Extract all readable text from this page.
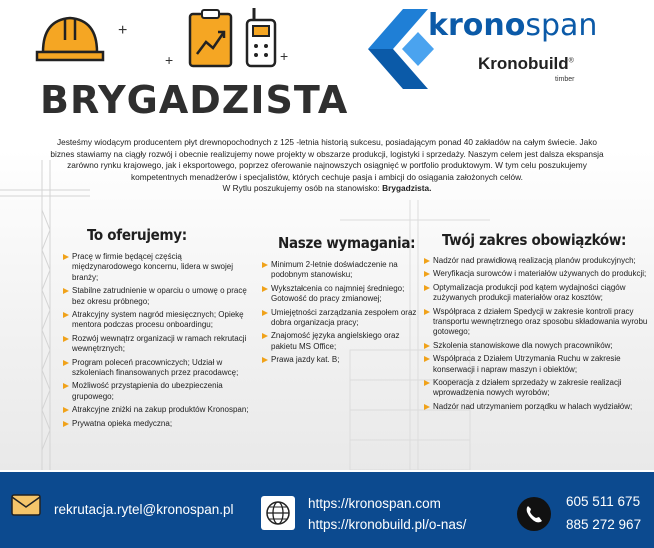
+
+	+
BRYGADZISTA
kronospan
Kronobuild®
timber
Jesteśmy wiodącym producentem płyt drewnopochodnych z 125 -letnia historią sukcesu, posiadającym ponad 40 zakładów na całym świecie. Jako biznes stawiamy na ciągły rozwój i obecnie realizujemy nowe projekty w obszarze produkcji, logistyki i sprzedaży. Naszym celem jest dalsza ekspansja zarówno rynku krajowego, jak i eksportowego, poprzez oferowanie najnowszych osiągnięć w portfolio produktowym. W tym celu poszukujemy kompetentnych menadżerów i specjalistów, których cechuje pasja i ambicji do osiągania założonych celów.
W Rytlu poszukujemy osób na stanowisko: Brygadzista.
To oferujemy:
Pracę w firmie będącej częścią międzynarodowego koncernu, lidera w swojej branży;
Stabilne zatrudnienie w oparciu o umowę o pracę bez okresu próbnego;
Atrakcyjny system nagród miesięcznych; Opiekę mentora podczas procesu onboardingu;
Rozwój wewnątrz organizacji w ramach rekrutacji wewnętrznych;
Program poleceń pracowniczych; Udział w szkoleniach finansowanych przez pracodawcę;
Możliwość przystąpienia do ubezpieczenia grupowego;
Atrakcyjne zniżki na zakup produktów Kronospan;
Prywatna opieka medyczna;
Nasze wymagania:
Minimum 2-letnie doświadczenie na podobnym stanowisku;
Wykształcenia co najmniej średniego; Gotowość do pracy zmianowej;
Umiejętności zarządzania zespołem oraz dobra organizacja pracy;
Znajomość języka angielskiego oraz pakietu MS Office;
Prawa jazdy kat. B;
Twój zakres obowiązków:
Nadzór nad prawidłową realizacją planów produkcyjnych;
Weryfikacja surowców i materiałów używanych do produkcji;
Optymalizacja produkcji pod kątem wydajności ciągów zużywanych produkcji materiałów oraz kosztów;
Współpraca z działem Spedycji w zakresie kontroli pracy transportu wewnętrznego oraz sposobu składowania wyrobu gotowego;
Szkolenia stanowiskowe dla nowych pracowników;
Współpraca z Działem Utrzymania Ruchu w zakresie konserwacji i napraw maszyn i obiektów;
Kooperacja z działem sprzedaży w zakresie realizacji wprowadzenia nowych wyrobów;
Nadzór nad utrzymaniem porządku w halach wydziałów;
rekrutacja.rytel@kronospan.pl	https://kronospan.com
https://kronobuild.pl/o-nas/
605 511 675
885 272 967
